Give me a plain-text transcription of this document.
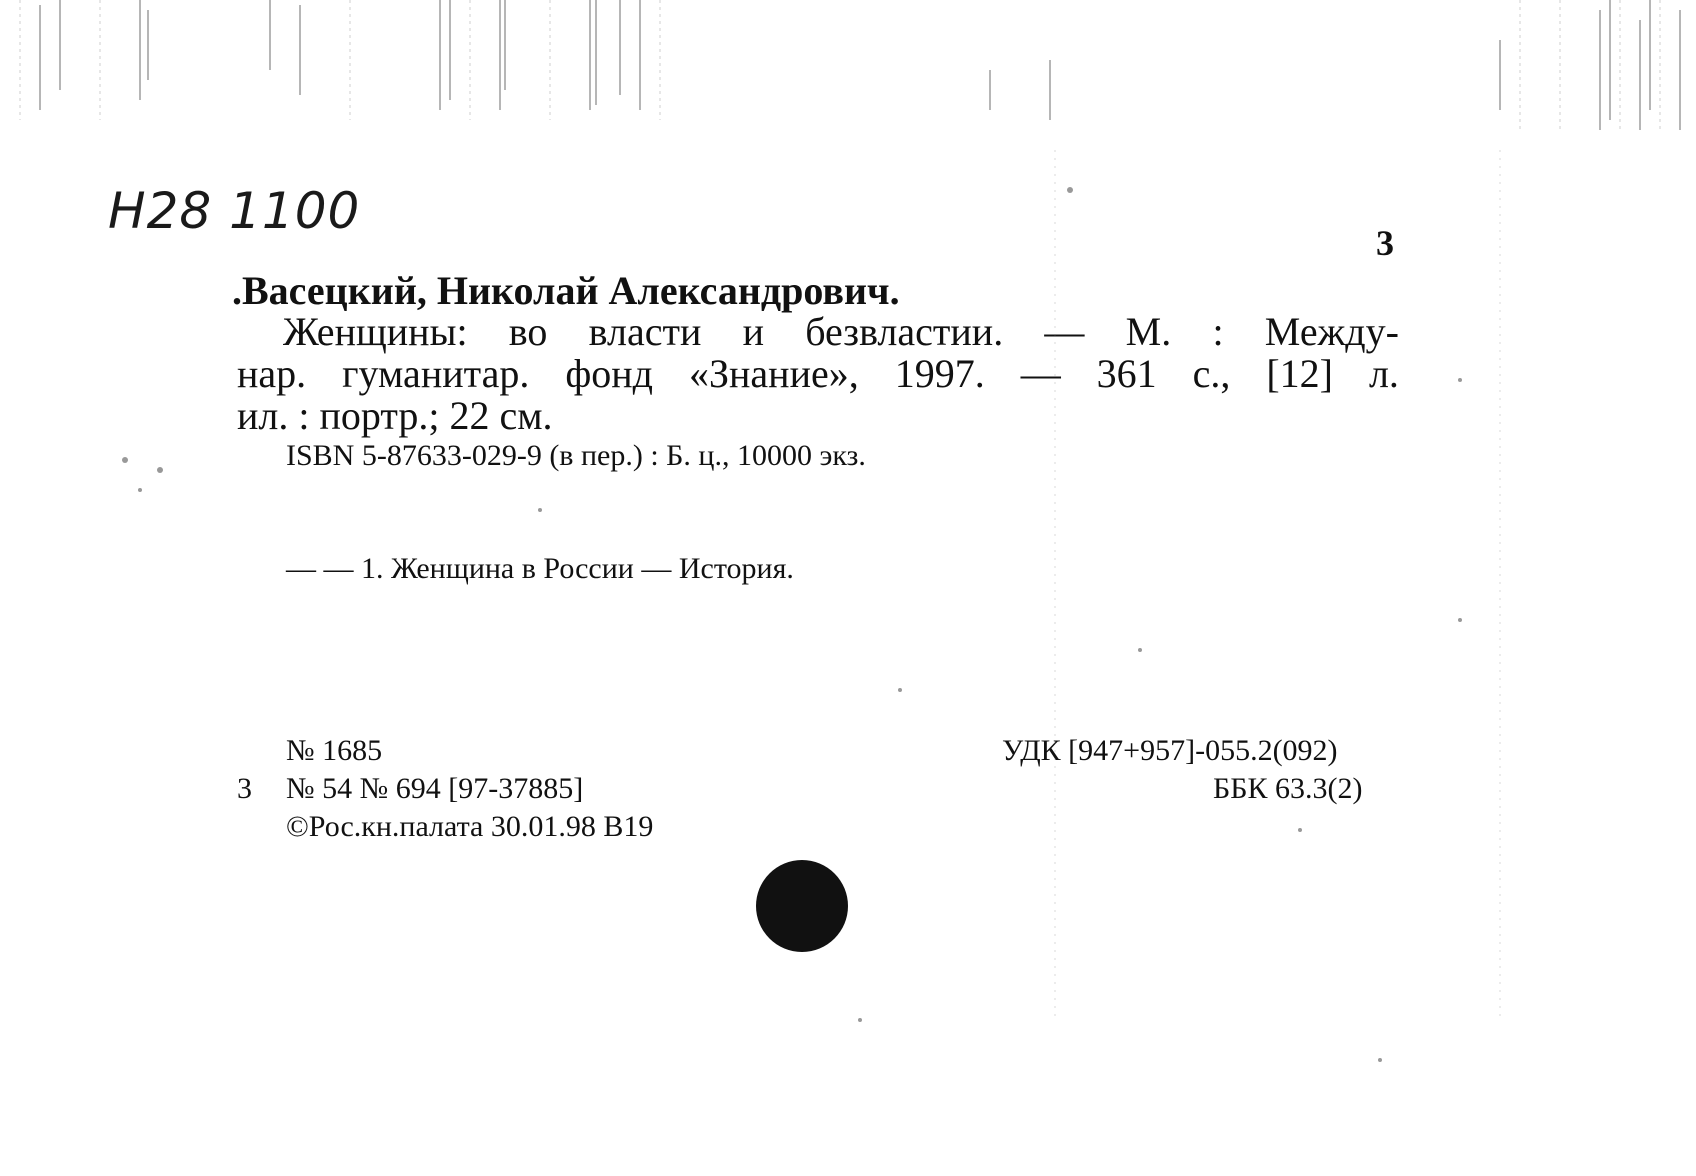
H28 1100
3
.Васецкий, Николай Александрович.
Женщины: во власти и безвластии. — М. : Между-
нар. гуманитар. фонд «Знание», 1997. — 361 с., [12] л.
ил. : портр.; 22 см.
ISBN 5-87633-029-9 (в пер.) : Б. ц., 10000 экз.
— — 1. Женщина в России — История.
№ 1685
3 № 54 № 694 [97-37885]
©Рос.кн.палата 30.01.98 В19
УДК [947+957]-055.2(092)
ББК 63.3(2)
